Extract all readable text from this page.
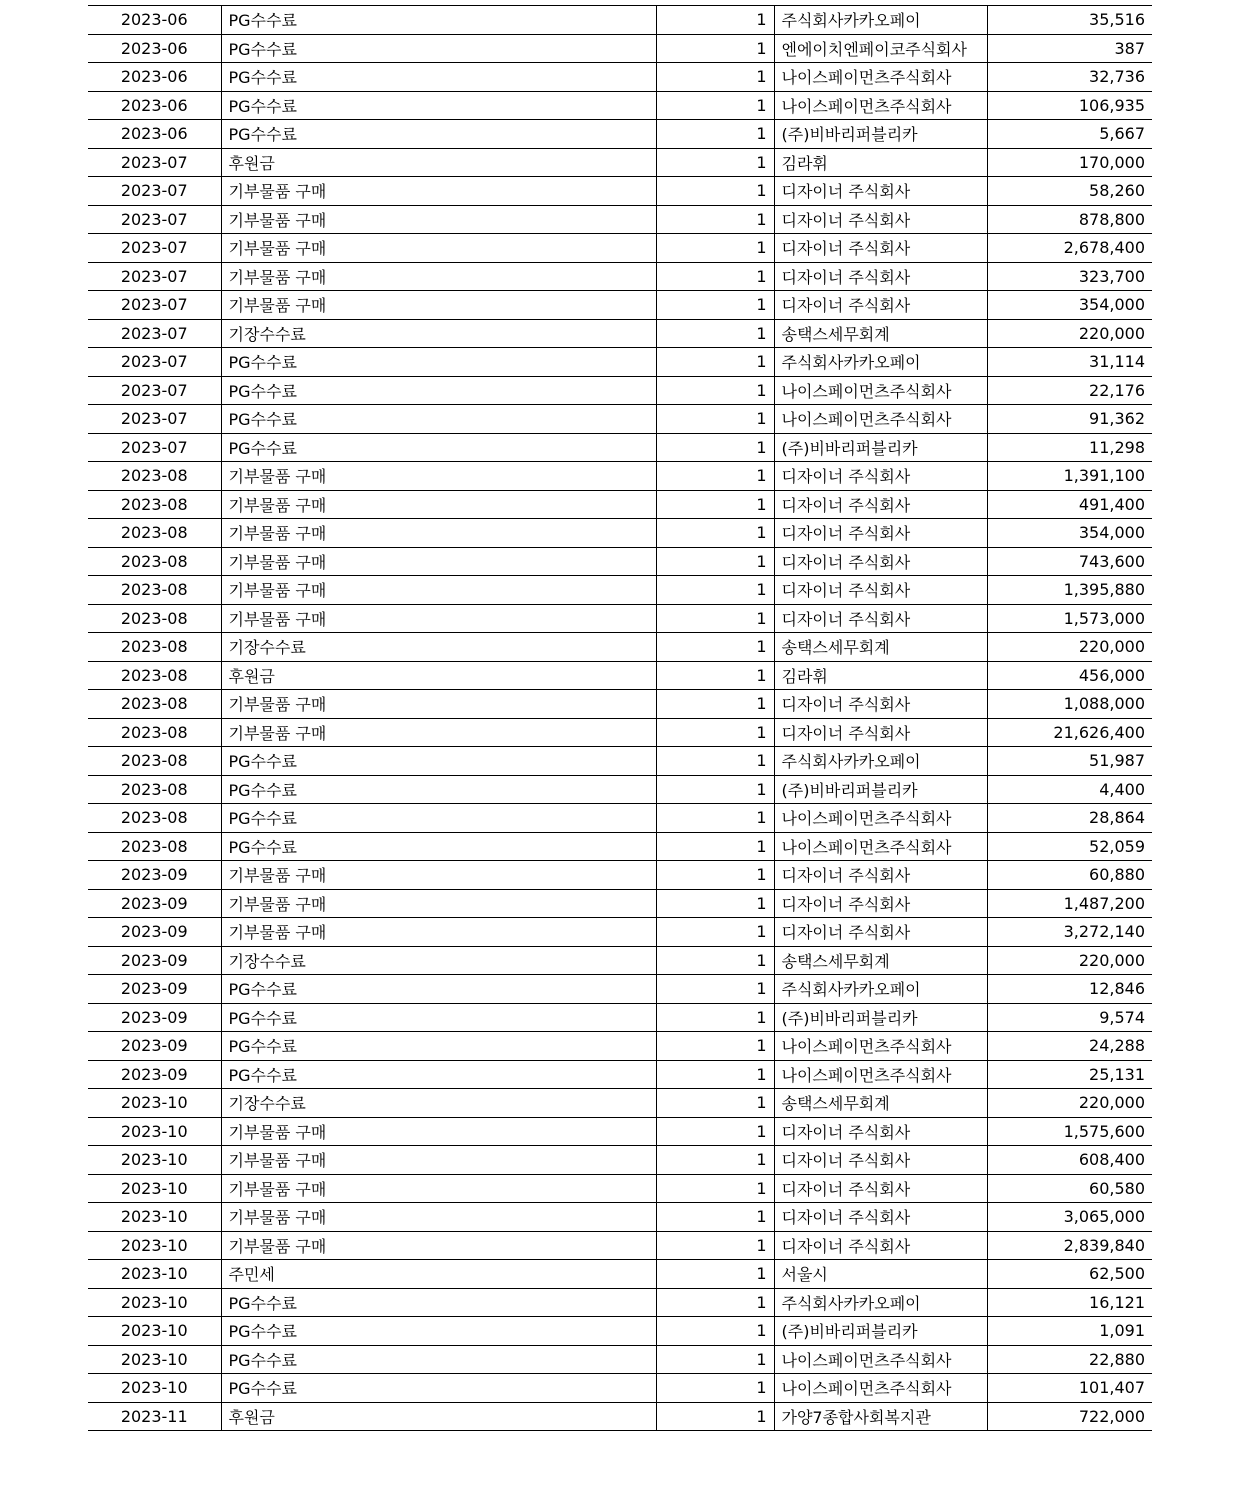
2023-06	PG수수료	1	주식회사카카오페이	35,516
2023-06	PG수수료	1	엔에이치엔페이코주식회사	387
2023-06	PG수수료	1	나이스페이먼츠주식회사	32,736
2023-06	PG수수료	1	나이스페이먼츠주식회사	106,935
2023-06	PG수수료	1	(주)비바리퍼블리카	5,667
2023-07	후원금	1	김라휘	170,000
2023-07	기부물품 구매	1	디자이너 주식회사	58,260
2023-07	기부물품 구매	1	디자이너 주식회사	878,800
2023-07	기부물품 구매	1	디자이너 주식회사	2,678,400
2023-07	기부물품 구매	1	디자이너 주식회사	323,700
2023-07	기부물품 구매	1	디자이너 주식회사	354,000
2023-07	기장수수료	1	송택스세무회계	220,000
2023-07	PG수수료	1	주식회사카카오페이	31,114
2023-07	PG수수료	1	나이스페이먼츠주식회사	22,176
2023-07	PG수수료	1	나이스페이먼츠주식회사	91,362
2023-07	PG수수료	1	(주)비바리퍼블리카	11,298
2023-08	기부물품 구매	1	디자이너 주식회사	1,391,100
2023-08	기부물품 구매	1	디자이너 주식회사	491,400
2023-08	기부물품 구매	1	디자이너 주식회사	354,000
2023-08	기부물품 구매	1	디자이너 주식회사	743,600
2023-08	기부물품 구매	1	디자이너 주식회사	1,395,880
2023-08	기부물품 구매	1	디자이너 주식회사	1,573,000
2023-08	기장수수료	1	송택스세무회계	220,000
2023-08	후원금	1	김라휘	456,000
2023-08	기부물품 구매	1	디자이너 주식회사	1,088,000
2023-08	기부물품 구매	1	디자이너 주식회사	21,626,400
2023-08	PG수수료	1	주식회사카카오페이	51,987
2023-08	PG수수료	1	(주)비바리퍼블리카	4,400
2023-08	PG수수료	1	나이스페이먼츠주식회사	28,864
2023-08	PG수수료	1	나이스페이먼츠주식회사	52,059
2023-09	기부물품 구매	1	디자이너 주식회사	60,880
2023-09	기부물품 구매	1	디자이너 주식회사	1,487,200
2023-09	기부물품 구매	1	디자이너 주식회사	3,272,140
2023-09	기장수수료	1	송택스세무회계	220,000
2023-09	PG수수료	1	주식회사카카오페이	12,846
2023-09	PG수수료	1	(주)비바리퍼블리카	9,574
2023-09	PG수수료	1	나이스페이먼츠주식회사	24,288
2023-09	PG수수료	1	나이스페이먼츠주식회사	25,131
2023-10	기장수수료	1	송택스세무회계	220,000
2023-10	기부물품 구매	1	디자이너 주식회사	1,575,600
2023-10	기부물품 구매	1	디자이너 주식회사	608,400
2023-10	기부물품 구매	1	디자이너 주식회사	60,580
2023-10	기부물품 구매	1	디자이너 주식회사	3,065,000
2023-10	기부물품 구매	1	디자이너 주식회사	2,839,840
2023-10	주민세	1	서울시	62,500
2023-10	PG수수료	1	주식회사카카오페이	16,121
2023-10	PG수수료	1	(주)비바리퍼블리카	1,091
2023-10	PG수수료	1	나이스페이먼츠주식회사	22,880
2023-10	PG수수료	1	나이스페이먼츠주식회사	101,407
2023-11	후원금	1	가양7종합사회복지관	722,000
